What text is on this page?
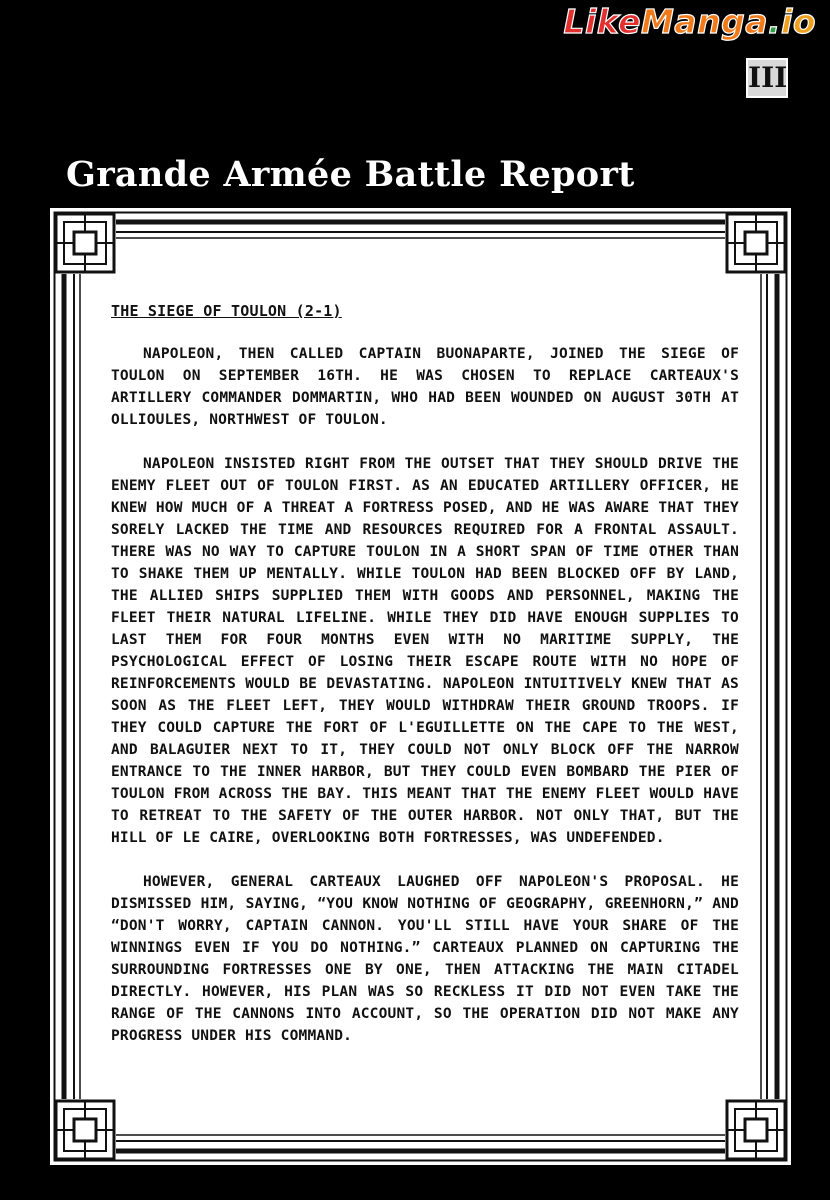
LikeManga.io
III
Grande Armée Battle Report
THE SIEGE OF TOULON (2-1)

NAPOLEON, THEN CALLED CAPTAIN BUONAPARTE, JOINED THE SIEGE OF TOULON ON SEPTEMBER 16TH. HE WAS CHOSEN TO REPLACE CARTEAUX'S ARTILLERY COMMANDER DOMMARTIN, WHO HAD BEEN WOUNDED ON AUGUST 30TH AT OLLIOULES, NORTHWEST OF TOULON.

NAPOLEON INSISTED RIGHT FROM THE OUTSET THAT THEY SHOULD DRIVE THE ENEMY FLEET OUT OF TOULON FIRST. AS AN EDUCATED ARTILLERY OFFICER, HE KNEW HOW MUCH OF A THREAT A FORTRESS POSED, AND HE WAS AWARE THAT THEY SORELY LACKED THE TIME AND RESOURCES REQUIRED FOR A FRONTAL ASSAULT. THERE WAS NO WAY TO CAPTURE TOULON IN A SHORT SPAN OF TIME OTHER THAN TO SHAKE THEM UP MENTALLY. WHILE TOULON HAD BEEN BLOCKED OFF BY LAND, THE ALLIED SHIPS SUPPLIED THEM WITH GOODS AND PERSONNEL, MAKING THE FLEET THEIR NATURAL LIFELINE. WHILE THEY DID HAVE ENOUGH SUPPLIES TO LAST THEM FOR FOUR MONTHS EVEN WITH NO MARITIME SUPPLY, THE PSYCHOLOGICAL EFFECT OF LOSING THEIR ESCAPE ROUTE WITH NO HOPE OF REINFORCEMENTS WOULD BE DEVASTATING. NAPOLEON INTUITIVELY KNEW THAT AS SOON AS THE FLEET LEFT, THEY WOULD WITHDRAW THEIR GROUND TROOPS. IF THEY COULD CAPTURE THE FORT OF L'EGUILLETTE ON THE CAPE TO THE WEST, AND BALAGUIER NEXT TO IT, THEY COULD NOT ONLY BLOCK OFF THE NARROW ENTRANCE TO THE INNER HARBOR, BUT THEY COULD EVEN BOMBARD THE PIER OF TOULON FROM ACROSS THE BAY. THIS MEANT THAT THE ENEMY FLEET WOULD HAVE TO RETREAT TO THE SAFETY OF THE OUTER HARBOR. NOT ONLY THAT, BUT THE HILL OF LE CAIRE, OVERLOOKING BOTH FORTRESSES, WAS UNDEFENDED.

HOWEVER, GENERAL CARTEAUX LAUGHED OFF NAPOLEON'S PROPOSAL. HE DISMISSED HIM, SAYING, “YOU KNOW NOTHING OF GEOGRAPHY, GREENHORN,” AND “DON'T WORRY, CAPTAIN CANNON. YOU'LL STILL HAVE YOUR SHARE OF THE WINNINGS EVEN IF YOU DO NOTHING.” CARTEAUX PLANNED ON CAPTURING THE SURROUNDING FORTRESSES ONE BY ONE, THEN ATTACKING THE MAIN CITADEL DIRECTLY. HOWEVER, HIS PLAN WAS SO RECKLESS IT DID NOT EVEN TAKE THE RANGE OF THE CANNONS INTO ACCOUNT, SO THE OPERATION DID NOT MAKE ANY PROGRESS UNDER HIS COMMAND.
